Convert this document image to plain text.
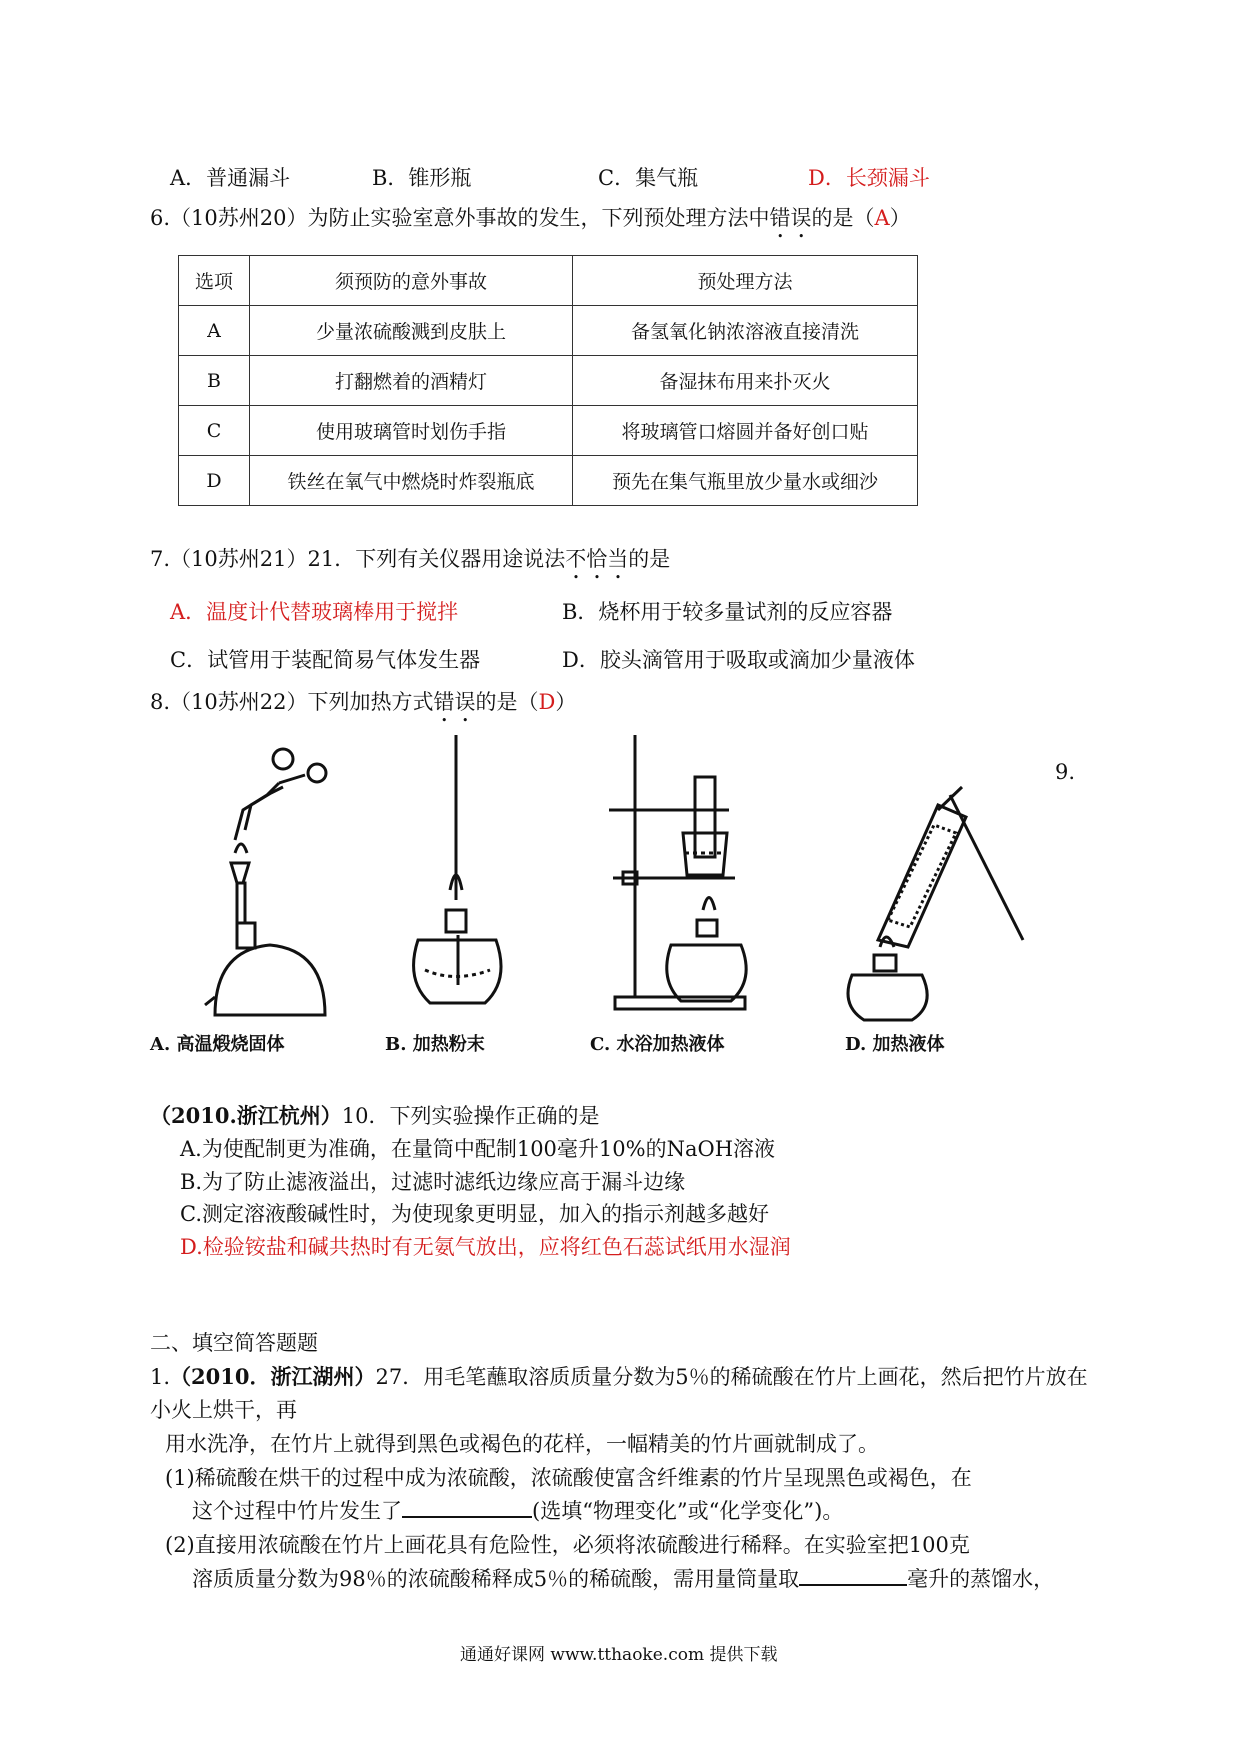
A．普通漏斗	B．锥形瓶	C．集气瓶	D．长颈漏斗
6.（10苏州20）为防止实验室意外事故的发生，下列预处理方法中错误的是（A）
选项	须预防的意外事故	预处理方法
A	少量浓硫酸溅到皮肤上	备氢氧化钠浓溶液直接清洗
B	打翻燃着的酒精灯	备湿抹布用来扑灭火
C	使用玻璃管时划伤手指	将玻璃管口熔圆并备好创口贴
D	铁丝在氧气中燃烧时炸裂瓶底	预先在集气瓶里放少量水或细沙
7.（10苏州21）21．下列有关仪器用途说法不恰当的是
A．温度计代替玻璃棒用于搅拌	B．烧杯用于较多量试剂的反应容器
C．试管用于装配简易气体发生器	D．胶头滴管用于吸取或滴加少量液体
8.（10苏州22）下列加热方式错误的是（D）
9.
A. 高温煅烧固体	B. 加热粉末	C. 水浴加热液体	D. 加热液体
（2010.浙江杭州）10．下列实验操作正确的是
A.为使配制更为准确，在量筒中配制100毫升10%的NaOH溶液
B.为了防止滤液溢出，过滤时滤纸边缘应高于漏斗边缘
C.测定溶液酸碱性时，为使现象更明显，加入的指示剂越多越好
D.检验铵盐和碱共热时有无氨气放出，应将红色石蕊试纸用水湿润
二、填空简答题题
1.（2010．浙江湖州）27．用毛笔蘸取溶质质量分数为5％的稀硫酸在竹片上画花，然后把竹片放在
小火上烘干，再
用水洗净，在竹片上就得到黑色或褐色的花样，一幅精美的竹片画就制成了。
(1)稀硫酸在烘干的过程中成为浓硫酸，浓硫酸使富含纤维素的竹片呈现黑色或褐色，在
这个过程中竹片发生了	(选填“物理变化”或“化学变化”)。
(2)直接用浓硫酸在竹片上画花具有危险性，必须将浓硫酸进行稀释。在实验室把100克
溶质质量分数为98％的浓硫酸稀释成5％的稀硫酸，需用量筒量取	毫升的蒸馏水，
通通好课网 www.tthaoke.com 提供下载
